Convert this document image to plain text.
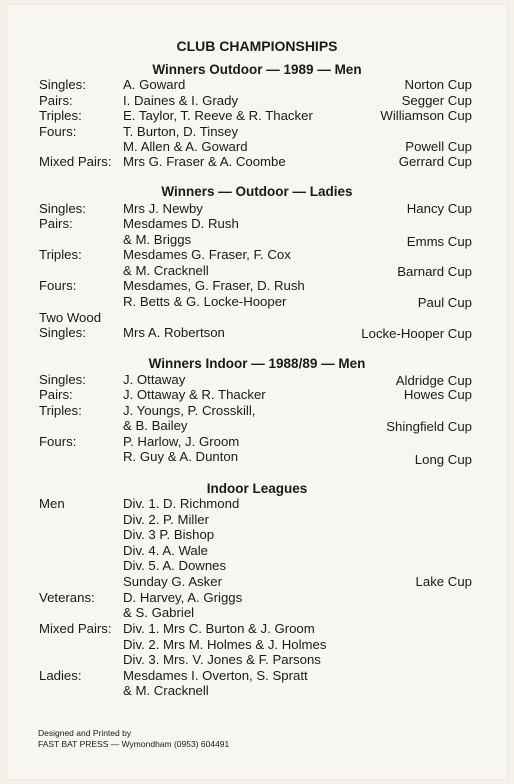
CLUB CHAMPIONSHIPS
Winners Outdoor — 1989 — Men
Singles:	A. Goward	Norton Cup
Pairs:	I. Daines & I. Grady	Segger Cup
Triples:	E. Taylor, T. Reeve & R. Thacker	Williamson Cup
Fours:	T. Burton, D. Tinsey
M. Allen & A. Goward	Powell Cup
Mixed Pairs: Mrs G. Fraser & A. Coombe	Gerrard Cup
Winners — Outdoor — Ladies
Singles:	Mrs J. Newby	Hancy Cup
Pairs:	Mesdames D. Rush
& M. Briggs	Emms Cup
Triples:	Mesdames G. Fraser, F. Cox
& M. Cracknell	Barnard Cup
Fours:	Mesdames, G. Fraser, D. Rush
R. Betts & G. Locke-Hooper	Paul Cup
Two Wood
Singles:	Mrs A. Robertson	Locke-Hooper Cup
Winners Indoor — 1988/89 — Men
Singles:	J. Ottaway	Aldridge Cup
Pairs:	J. Ottaway & R. Thacker	Howes Cup
Triples:	J. Youngs, P. Crosskill,
& B. Bailey	Shingfield Cup
Fours:	P. Harlow, J. Groom
R. Guy & A. Dunton	Long Cup
Indoor Leagues
Men	Div. 1. D. Richmond
Div. 2. P. Miller
Div. 3 P. Bishop
Div. 4. A. Wale
Div. 5. A. Downes
Sunday G. Asker	Lake Cup
Veterans: D. Harvey, A. Griggs
& S. Gabriel
Mixed Pairs: Div. 1. Mrs C. Burton & J. Groom
Div. 2. Mrs M. Holmes & J. Holmes
Div. 3. Mrs. V. Jones & F. Parsons
Ladies:	Mesdames I. Overton, S. Spratt
& M. Cracknell
Designed and Printed by
FAST BAT PRESS — Wymondham (0953) 604491
